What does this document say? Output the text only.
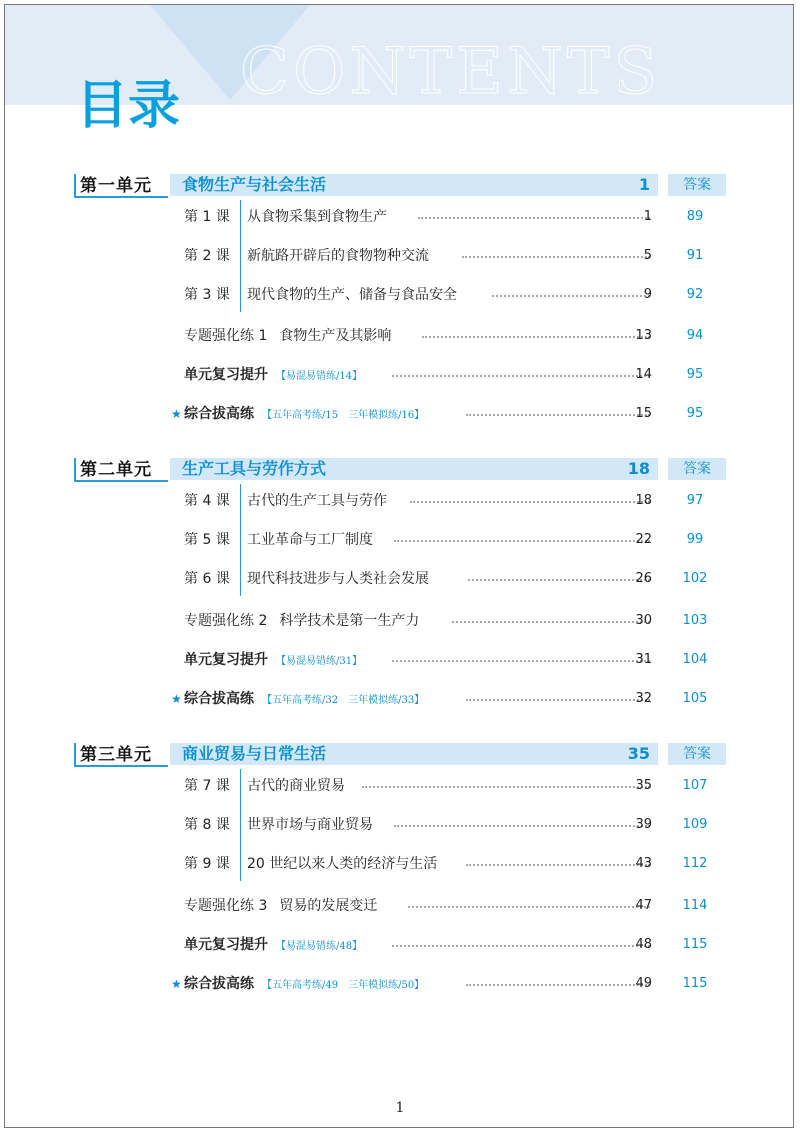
CONTENTS
目录
第一单元	食物生产与社会生活	1	答案
第 1 课 从食物采集到食物生产	1	89
第 2 课 新航路开辟后的食物物种交流	5	91
第 3 课 现代食物的生产、储备与食品安全	9	92
专题强化练 1 食物生产及其影响	13	94
单元复习提升 【易混易错练/14】	14	95
★ 综合拔高练 【五年高考练/15　三年模拟练/16】	15	95
第二单元	生产工具与劳作方式	18	答案
第 4 课 古代的生产工具与劳作	18	97
第 5 课 工业革命与工厂制度	22	99
第 6 课 现代科技进步与人类社会发展	26	102
专题强化练 2 科学技术是第一生产力	30	103
单元复习提升 【易混易错练/31】	31	104
★ 综合拔高练 【五年高考练/32　三年模拟练/33】	32	105
第三单元	商业贸易与日常生活	35	答案
第 7 课 古代的商业贸易	35	107
第 8 课 世界市场与商业贸易	39	109
第 9 课 20 世纪以来人类的经济与生活	43	112
专题强化练 3 贸易的发展变迁	47	114
单元复习提升 【易混易错练/48】	48	115
★ 综合拔高练 【五年高考练/49　三年模拟练/50】	49	115
1
